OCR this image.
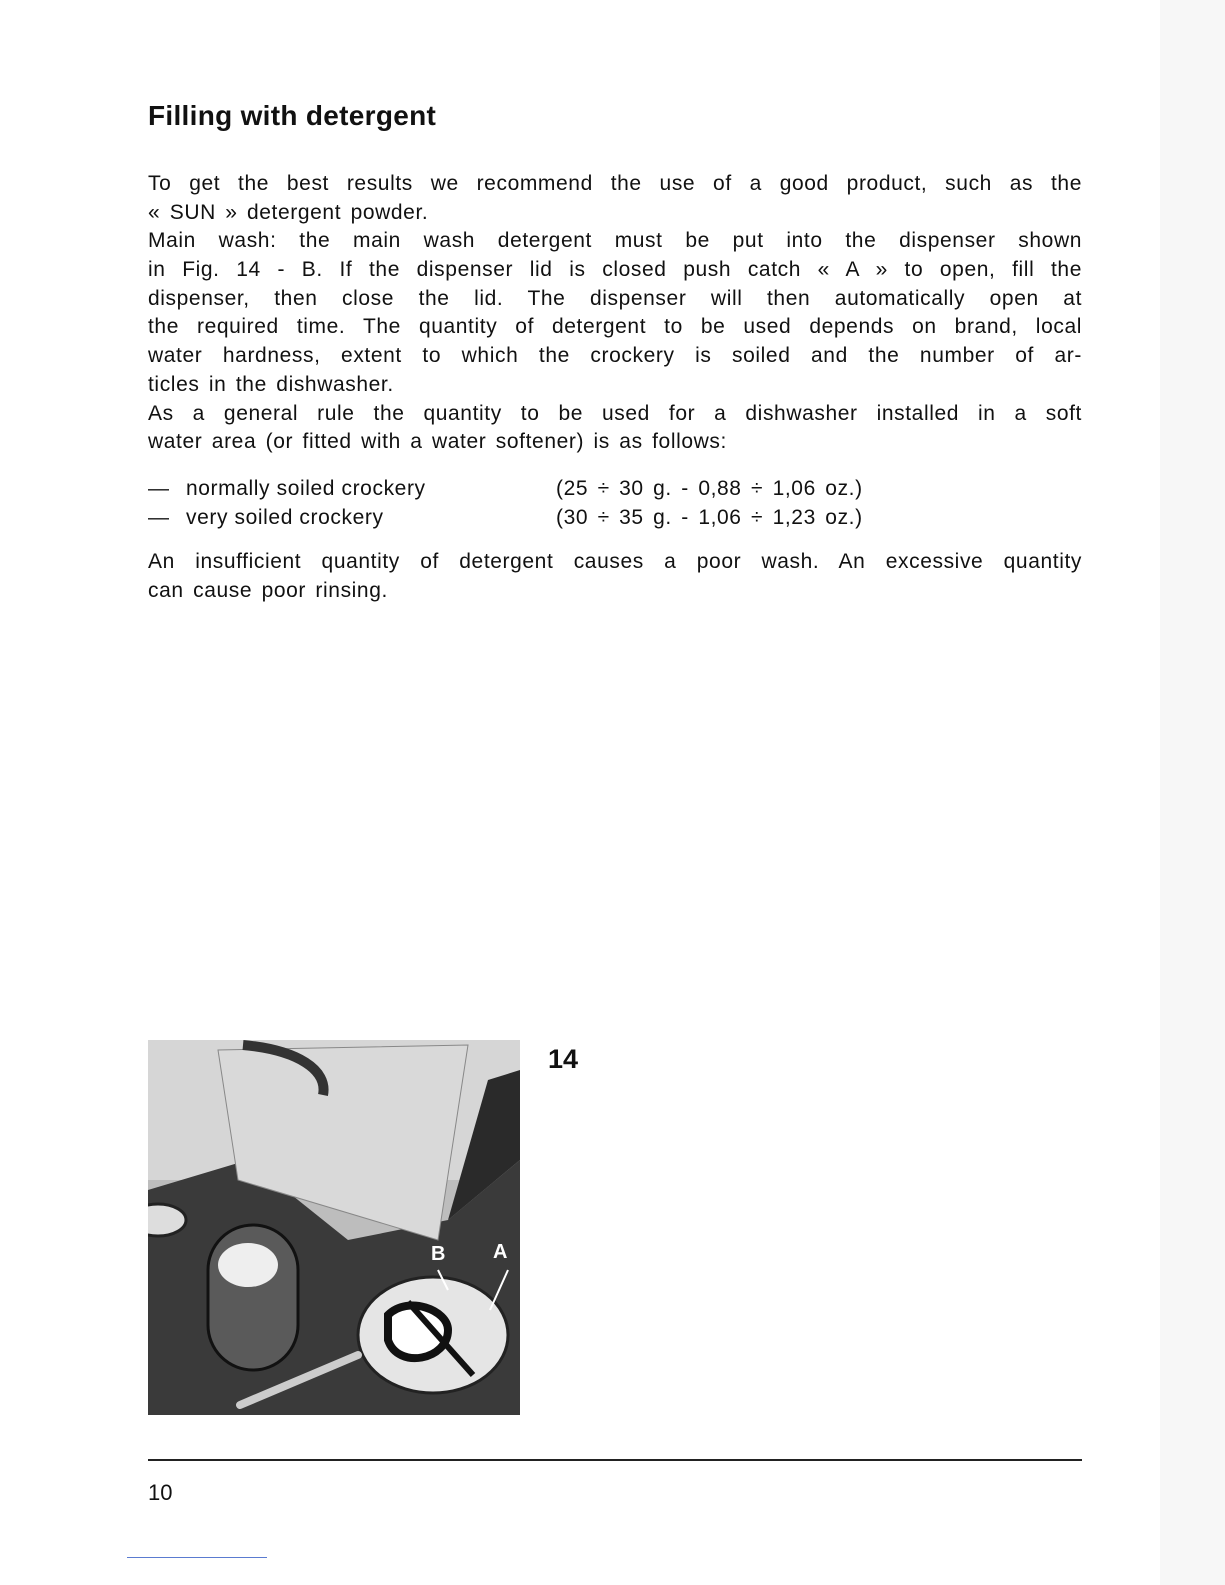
Filling with detergent
To get the best results we recommend the use of a good product, such as the
« SUN » detergent powder.
Main wash: the main wash detergent must be put into the dispenser shown
in Fig. 14 - B. If the dispenser lid is closed push catch « A » to open, fill the
dispenser, then close the lid. The dispenser will then automatically open at
the required time. The quantity of detergent to be used depends on brand, local
water hardness, extent to which the crockery is soiled and the number of ar-
ticles in the dishwasher.
As a general rule the quantity to be used for a dishwasher installed in a soft
water area (or fitted with a water softener) is as follows:
— normally soiled crockery	(25 ÷ 30 g. - 0,88 ÷ 1,06 oz.)
— very soiled crockery	(30 ÷ 35 g. - 1,06 ÷ 1,23 oz.)
An insufficient quantity of detergent causes a poor wash. An excessive quantity
can cause poor rinsing.
B A
14
10
